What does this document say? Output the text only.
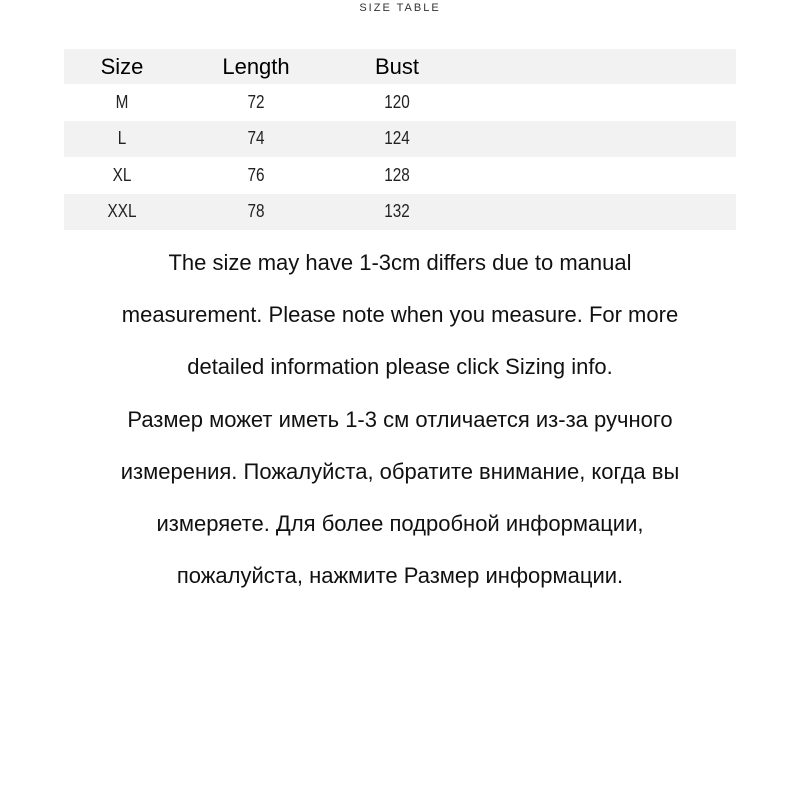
SIZE TABLE
Size	Length	Bust
M	72	120
L	74	124
XL	76	128
XXL	78	132
The size may have 1-3cm differs due to manual
measurement. Please note when you measure. For more
detailed information please click Sizing info.
Размер может иметь 1-3 см отличается из-за ручного
измерения. Пожалуйста, обратите внимание, когда вы
измеряете. Для более подробной информации,
пожалуйста, нажмите Размер информации.
